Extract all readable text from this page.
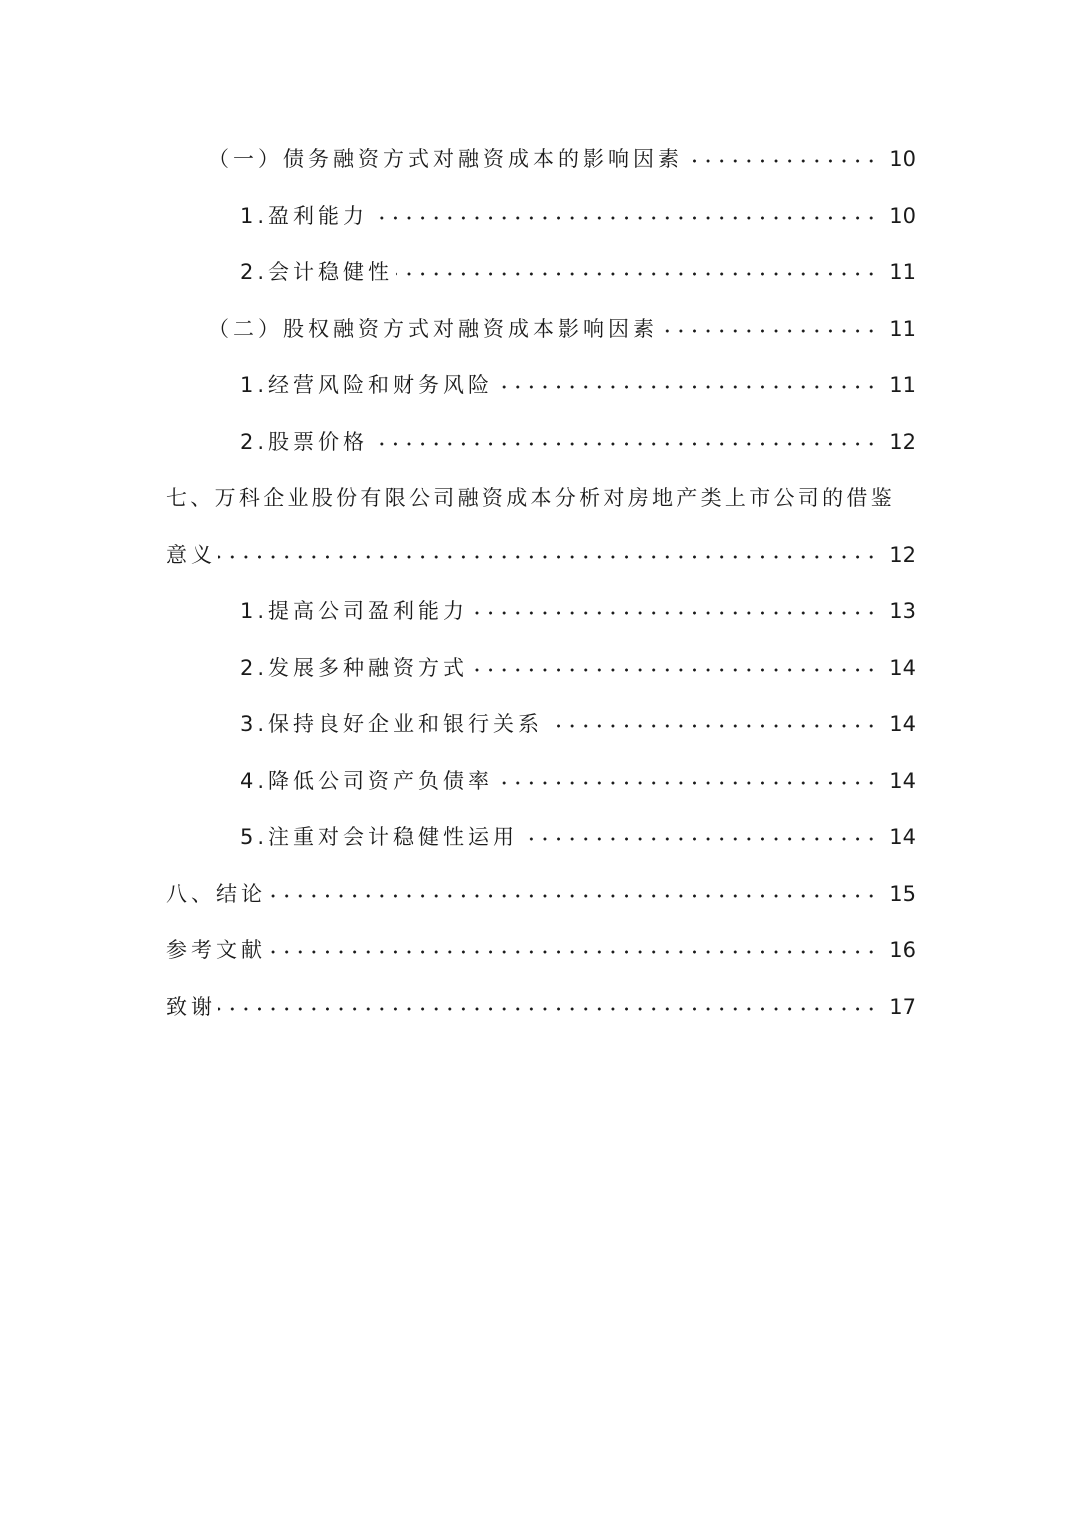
（一）债务融资方式对融资成本的影响因素	10
1.盈利能力	10
2.会计稳健性	11
（二）股权融资方式对融资成本影响因素	11
1.经营风险和财务风险	11
2.股票价格	12
七、万科企业股份有限公司融资成本分析对房地产类上市公司的借鉴
意义	12
1.提高公司盈利能力	13
2.发展多种融资方式	14
3.保持良好企业和银行关系	14
4.降低公司资产负债率	14
5.注重对会计稳健性运用	14
八、结论	15
参考文献	16
致谢	17
